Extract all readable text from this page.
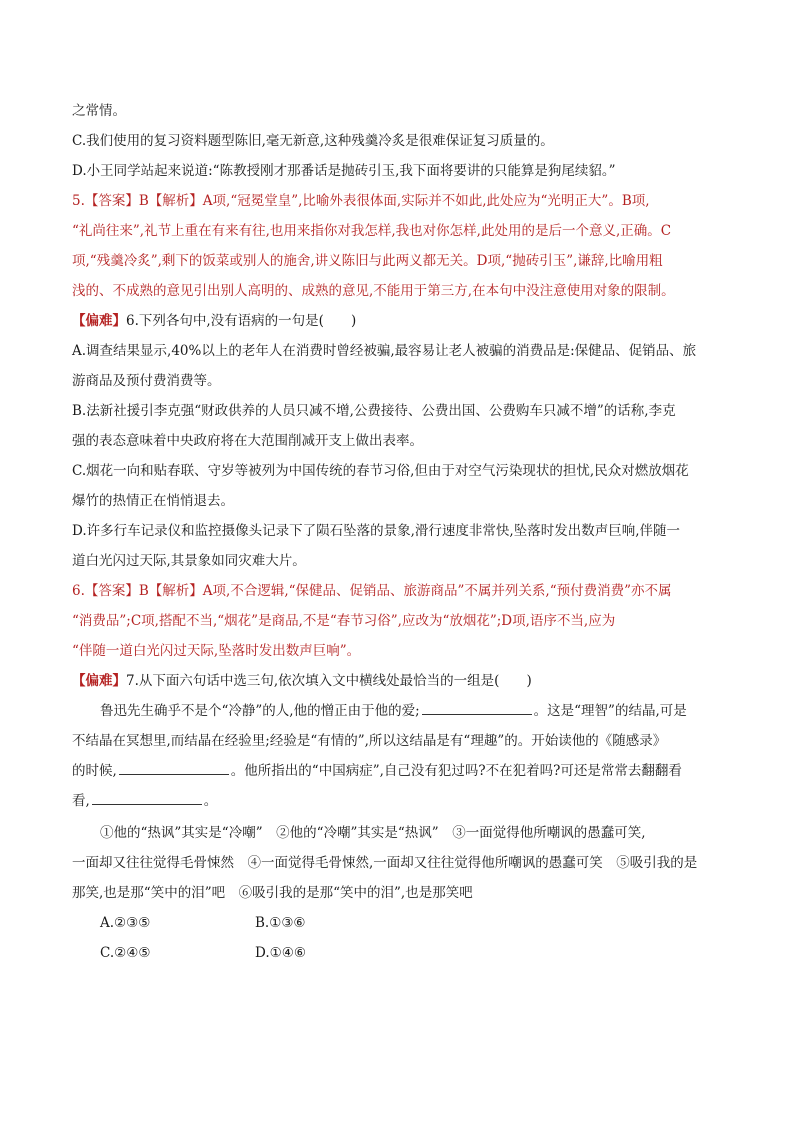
之常情。
C.我们使用的复习资料题型陈旧,毫无新意,这种残羹冷炙是很难保证复习质量的。
D.小王同学站起来说道:“陈教授刚才那番话是抛砖引玉,我下面将要讲的只能算是狗尾续貂。”
5.【答案】B【解析】A项,“冠冕堂皇”,比喻外表很体面,实际并不如此,此处应为“光明正大”。B项,
“礼尚往来”,礼节上重在有来有往,也用来指你对我怎样,我也对你怎样,此处用的是后一个意义,正确。C
项,“残羹冷炙”,剩下的饭菜或别人的施舍,讲义陈旧与此两义都无关。D项,“抛砖引玉”,谦辞,比喻用粗
浅的、不成熟的意见引出别人高明的、成熟的意见,不能用于第三方,在本句中没注意使用对象的限制。
【偏难】6.下列各句中,没有语病的一句是(　　)
A.调查结果显示,40%以上的老年人在消费时曾经被骗,最容易让老人被骗的消费品是:保健品、促销品、旅
游商品及预付费消费等。
B.法新社援引李克强“财政供养的人员只减不增,公费接待、公费出国、公费购车只减不增”的话称,李克
强的表态意味着中央政府将在大范围削减开支上做出表率。
C.烟花一向和贴春联、守岁等被列为中国传统的春节习俗,但由于对空气污染现状的担忧,民众对燃放烟花
爆竹的热情正在悄悄退去。
D.许多行车记录仪和监控摄像头记录下了陨石坠落的景象,滑行速度非常快,坠落时发出数声巨响,伴随一
道白光闪过天际,其景象如同灾难大片。
6.【答案】B【解析】A项,不合逻辑,“保健品、促销品、旅游商品”不属并列关系,“预付费消费”亦不属
“消费品”;C项,搭配不当,“烟花”是商品,不是“春节习俗”,应改为“放烟花”;D项,语序不当,应为
“伴随一道白光闪过天际,坠落时发出数声巨响”。
【偏难】7.从下面六句话中选三句,依次填入文中横线处最恰当的一组是(　　)
鲁迅先生确乎不是个“冷静”的人,他的憎正由于他的爱;	。这是“理智”的结晶,可是
不结晶在冥想里,而结晶在经验里;经验是“有情的”,所以这结晶是有“理趣”的。开始读他的《随感录》
的时候,	。他所指出的“中国病症”,自己没有犯过吗?不在犯着吗?可还是常常去翻翻看
看,	。
①他的“热讽”其实是“冷嘲”　②他的“冷嘲”其实是“热讽”　③一面觉得他所嘲讽的愚蠢可笑,
一面却又往往觉得毛骨悚然　④一面觉得毛骨悚然,一面却又往往觉得他所嘲讽的愚蠢可笑　⑤吸引我的是
那笑,也是那“笑中的泪”吧　⑥吸引我的是那“笑中的泪”,也是那笑吧
A.②③⑤	B.①③⑥
C.②④⑤	D.①④⑥
